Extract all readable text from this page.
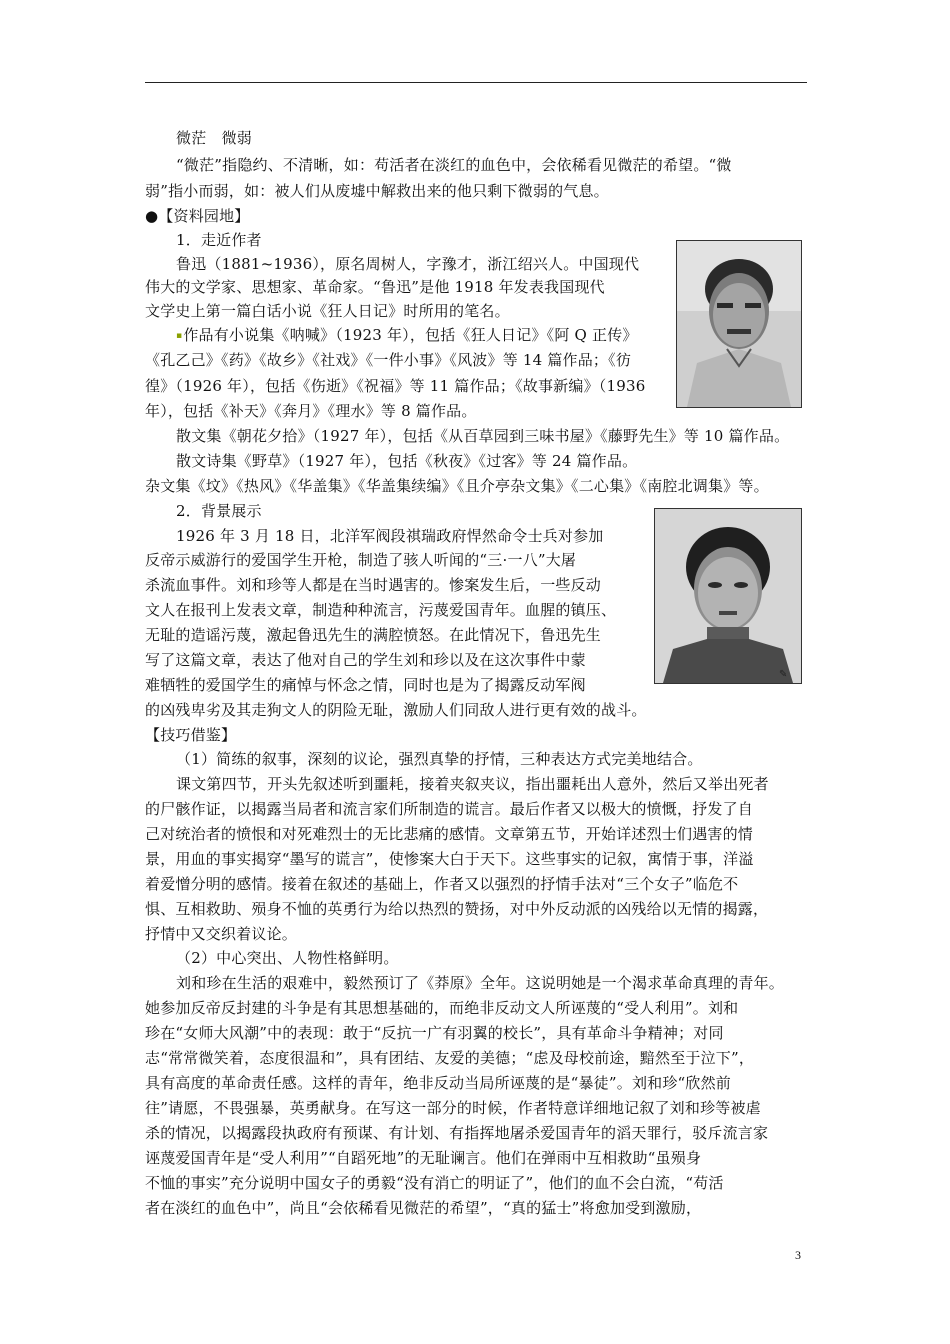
微茫　微弱
“微茫”指隐约、不清晰，如：苟活者在淡红的血色中，会依稀看见微茫的希望。“微
弱”指小而弱，如：被人们从废墟中解救出来的他只剩下微弱的气息。
●【资料园地】
1．走近作者
鲁迅（1881~1936），原名周树人，字豫才，浙江绍兴人。中国现代
伟大的文学家、思想家、革命家。“鲁迅”是他 1918 年发表我国现代
文学史上第一篇白话小说《狂人日记》时所用的笔名。
▪作品有小说集《呐喊》（1923 年），包括《狂人日记》《阿 Q 正传》
《孔乙己》《药》《故乡》《社戏》《一件小事》《风波》等 14 篇作品；《彷
徨》（1926 年），包括《伤逝》《祝福》等 11 篇作品；《故事新编》（1936
年），包括《补天》《奔月》《理水》等 8 篇作品。
散文集《朝花夕拾》（1927 年），包括《从百草园到三味书屋》《藤野先生》等 10 篇作品。
散文诗集《野草》（1927 年），包括《秋夜》《过客》等 24 篇作品。
杂文集《坟》《热风》《华盖集》《华盖集续编》《且介亭杂文集》《二心集》《南腔北调集》等。
2．背景展示
1926 年 3 月 18 日，北洋军阀段祺瑞政府悍然命令士兵对参加
反帝示威游行的爱国学生开枪，制造了骇人听闻的“三·一八”大屠
杀流血事件。刘和珍等人都是在当时遇害的。惨案发生后，一些反动
文人在报刊上发表文章，制造种种流言，污蔑爱国青年。血腥的镇压、
无耻的造谣污蔑，激起鲁迅先生的满腔愤怒。在此情况下，鲁迅先生
写了这篇文章，表达了他对自己的学生刘和珍以及在这次事件中蒙
难牺牲的爱国学生的痛悼与怀念之情，同时也是为了揭露反动军阀
的凶残卑劣及其走狗文人的阴险无耻，激励人们同敌人进行更有效的战斗。
✎
【技巧借鉴】
（1）简练的叙事，深刻的议论，强烈真挚的抒情，三种表达方式完美地结合。
课文第四节，开头先叙述听到噩耗，接着夹叙夹议，指出噩耗出人意外，然后又举出死者
的尸骸作证，以揭露当局者和流言家们所制造的谎言。最后作者又以极大的愤慨，抒发了自
己对统治者的愤恨和对死难烈士的无比悲痛的感情。文章第五节，开始详述烈士们遇害的情
景，用血的事实揭穿“墨写的谎言”，使惨案大白于天下。这些事实的记叙，寓情于事，洋溢
着爱憎分明的感情。接着在叙述的基础上，作者又以强烈的抒情手法对“三个女子”临危不
惧、互相救助、殒身不恤的英勇行为给以热烈的赞扬，对中外反动派的凶残给以无情的揭露，
抒情中又交织着议论。
（2）中心突出、人物性格鲜明。
刘和珍在生活的艰难中，毅然预订了《莽原》全年。这说明她是一个渴求革命真理的青年。
她参加反帝反封建的斗争是有其思想基础的，而绝非反动文人所诬蔑的“受人利用”。刘和
珍在“女师大风潮”中的表现：敢于“反抗一广有羽翼的校长”，具有革命斗争精神；对同
志“常常微笑着，态度很温和”，具有团结、友爱的美德；“虑及母校前途，黯然至于泣下”，
具有高度的革命责任感。这样的青年，绝非反动当局所诬蔑的是“暴徒”。刘和珍“欣然前
往”请愿，不畏强暴，英勇献身。在写这一部分的时候，作者特意详细地记叙了刘和珍等被虐
杀的情况，以揭露段执政府有预谋、有计划、有指挥地屠杀爱国青年的滔天罪行，驳斥流言家
诬蔑爱国青年是“受人利用”“自蹈死地”的无耻谰言。他们在弹雨中互相救助“虽殒身
不恤的事实”充分说明中国女子的勇毅“没有消亡的明证了”，他们的血不会白流，“苟活
者在淡红的血色中”，尚且“会依稀看见微茫的希望”，“真的猛士”将愈加受到激励，
3
